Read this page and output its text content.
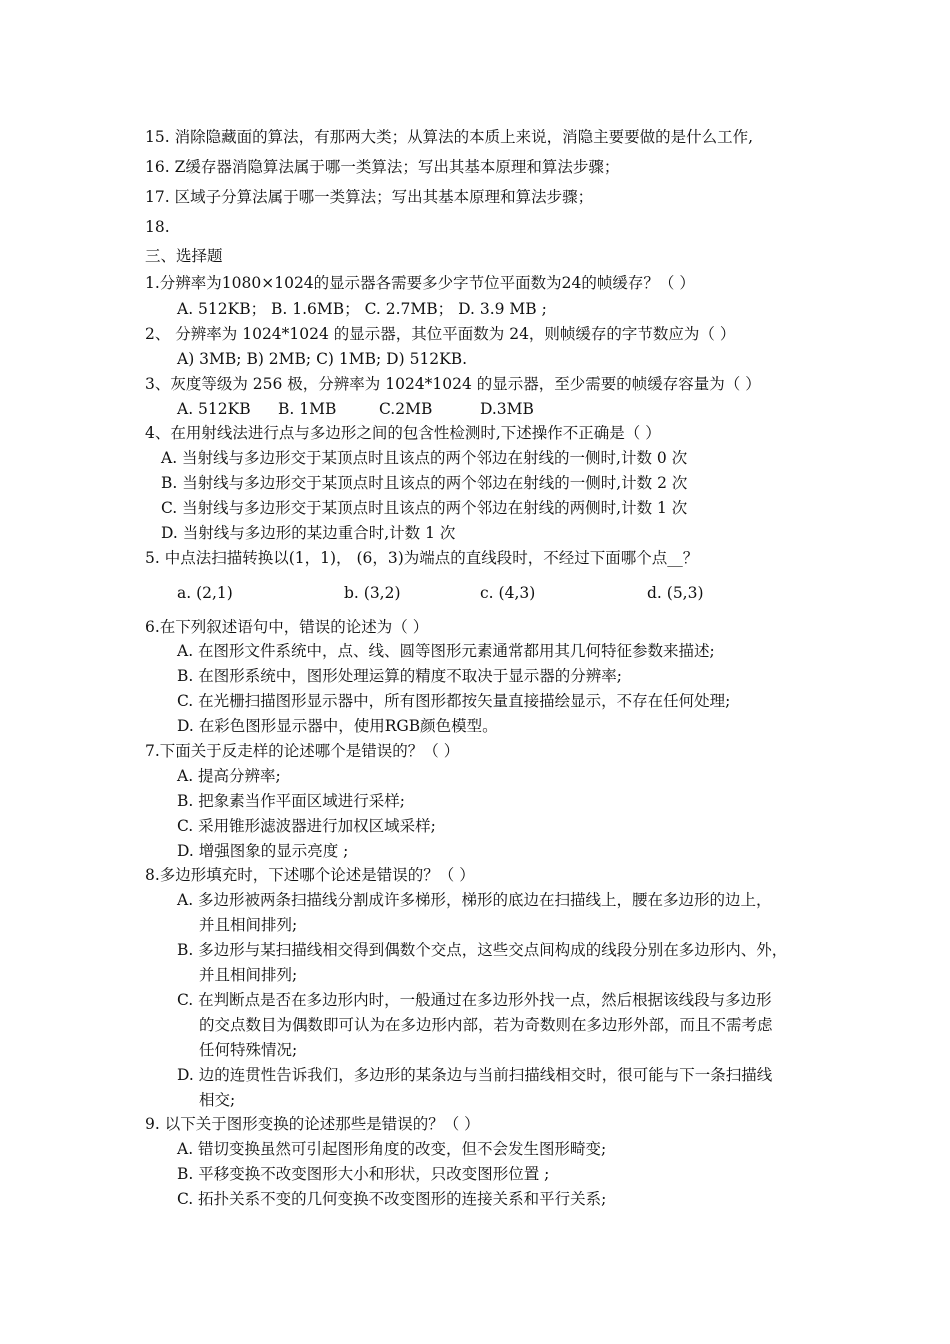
15. 消除隐藏面的算法，有那两大类；从算法的本质上来说，消隐主要要做的是什么工作,
16. Z缓存器消隐算法属于哪一类算法；写出其基本原理和算法步骤；
17. 区域子分算法属于哪一类算法；写出其基本原理和算法步骤；
18.
三、选择题
1.分辨率为1080×1024的显示器各需要多少字节位平面数为24的帧缓存？（ ）
A. 512KB； B. 1.6MB； C. 2.7MB； D. 3.9 MB ;
2、 分辨率为 1024*1024 的显示器，其位平面数为 24，则帧缓存的字节数应为（ ）
A) 3MB; B) 2MB; C) 1MB; D) 512KB.
3、灰度等级为 256 极，分辨率为 1024*1024 的显示器，至少需要的帧缓存容量为（ ）
A. 512KB B. 1MB	C.2MB	D.3MB
4、在用射线法进行点与多边形之间的包含性检测时,下述操作不正确是（ ）
A. 当射线与多边形交于某顶点时且该点的两个邻边在射线的一侧时,计数 0 次
B. 当射线与多边形交于某顶点时且该点的两个邻边在射线的一侧时,计数 2 次
C. 当射线与多边形交于某顶点时且该点的两个邻边在射线的两侧时,计数 1 次
D. 当射线与多边形的某边重合时,计数 1 次
5. 中点法扫描转换以(1，1)， (6，3)为端点的直线段时，不经过下面哪个点__？
a. (2,1)	b. (3,2)	c. (4,3)	d. (5,3)
6.在下列叙述语句中，错误的论述为（ ）
A. 在图形文件系统中，点、线、圆等图形元素通常都用其几何特征参数来描述;
B. 在图形系统中，图形处理运算的精度不取决于显示器的分辨率;
C. 在光栅扫描图形显示器中，所有图形都按矢量直接描绘显示，不存在任何处理;
D. 在彩色图形显示器中，使用RGB颜色模型。
7.下面关于反走样的论述哪个是错误的？（ ）
A. 提高分辨率;
B. 把象素当作平面区域进行采样;
C. 采用锥形滤波器进行加权区域采样;
D. 增强图象的显示亮度 ;
8.多边形填充时，下述哪个论述是错误的？（ ）
A. 多边形被两条扫描线分割成许多梯形，梯形的底边在扫描线上，腰在多边形的边上，
并且相间排列;
B. 多边形与某扫描线相交得到偶数个交点，这些交点间构成的线段分别在多边形内、外，
并且相间排列;
C. 在判断点是否在多边形内时，一般通过在多边形外找一点，然后根据该线段与多边形
的交点数目为偶数即可认为在多边形内部，若为奇数则在多边形外部，而且不需考虑
任何特殊情况;
D. 边的连贯性告诉我们，多边形的某条边与当前扫描线相交时，很可能与下一条扫描线
相交;
9. 以下关于图形变换的论述那些是错误的？（ ）
A. 错切变换虽然可引起图形角度的改变，但不会发生图形畸变;
B. 平移变换不改变图形大小和形状，只改变图形位置 ;
C. 拓扑关系不变的几何变换不改变图形的连接关系和平行关系;
